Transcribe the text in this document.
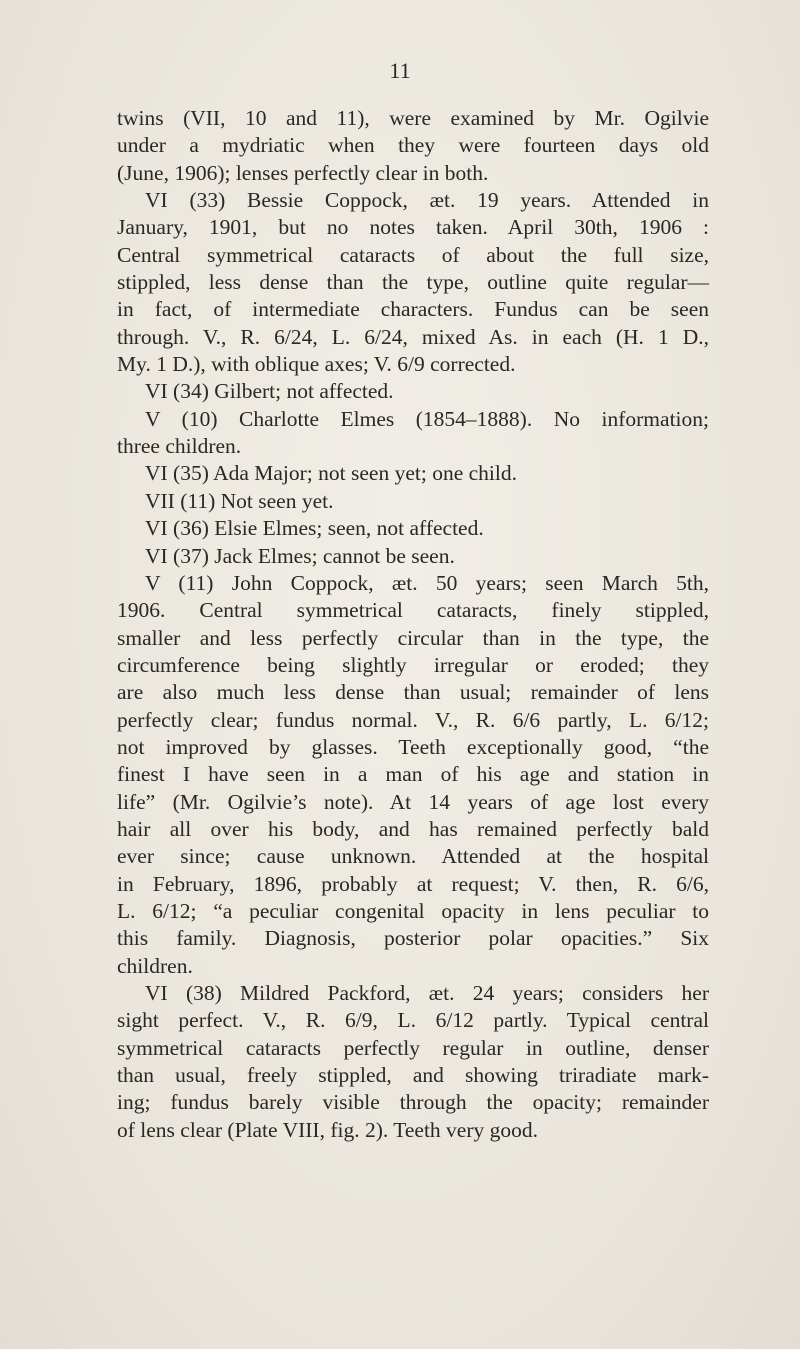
11
twins (VII, 10 and 11), were examined by Mr. Ogilvie
under a mydriatic when they were fourteen days old
(June, 1906); lenses perfectly clear in both.
VI (33) Bessie Coppock, æt. 19 years. Attended in
January, 1901, but no notes taken. April 30th, 1906 :
Central symmetrical cataracts of about the full size,
stippled, less dense than the type, outline quite regular—
in fact, of intermediate characters. Fundus can be seen
through. V., R. 6/24, L. 6/24, mixed As. in each (H. 1 D.,
My. 1 D.), with oblique axes; V. 6/9 corrected.
VI (34) Gilbert; not affected.
V (10) Charlotte Elmes (1854–1888). No information;
three children.
VI (35) Ada Major; not seen yet; one child.
VII (11) Not seen yet.
VI (36) Elsie Elmes; seen, not affected.
VI (37) Jack Elmes; cannot be seen.
V (11) John Coppock, æt. 50 years; seen March 5th,
1906. Central symmetrical cataracts, finely stippled,
smaller and less perfectly circular than in the type, the
circumference being slightly irregular or eroded; they
are also much less dense than usual; remainder of lens
perfectly clear; fundus normal. V., R. 6/6 partly, L. 6/12;
not improved by glasses. Teeth exceptionally good, “the
finest I have seen in a man of his age and station in
life” (Mr. Ogilvie’s note). At 14 years of age lost every
hair all over his body, and has remained perfectly bald
ever since; cause unknown. Attended at the hospital
in February, 1896, probably at request; V. then, R. 6/6,
L. 6/12; “a peculiar congenital opacity in lens peculiar to
this family. Diagnosis, posterior polar opacities.” Six
children.
VI (38) Mildred Packford, æt. 24 years; considers her
sight perfect. V., R. 6/9, L. 6/12 partly. Typical central
symmetrical cataracts perfectly regular in outline, denser
than usual, freely stippled, and showing triradiate mark-
ing; fundus barely visible through the opacity; remainder
of lens clear (Plate VIII, fig. 2). Teeth very good.
